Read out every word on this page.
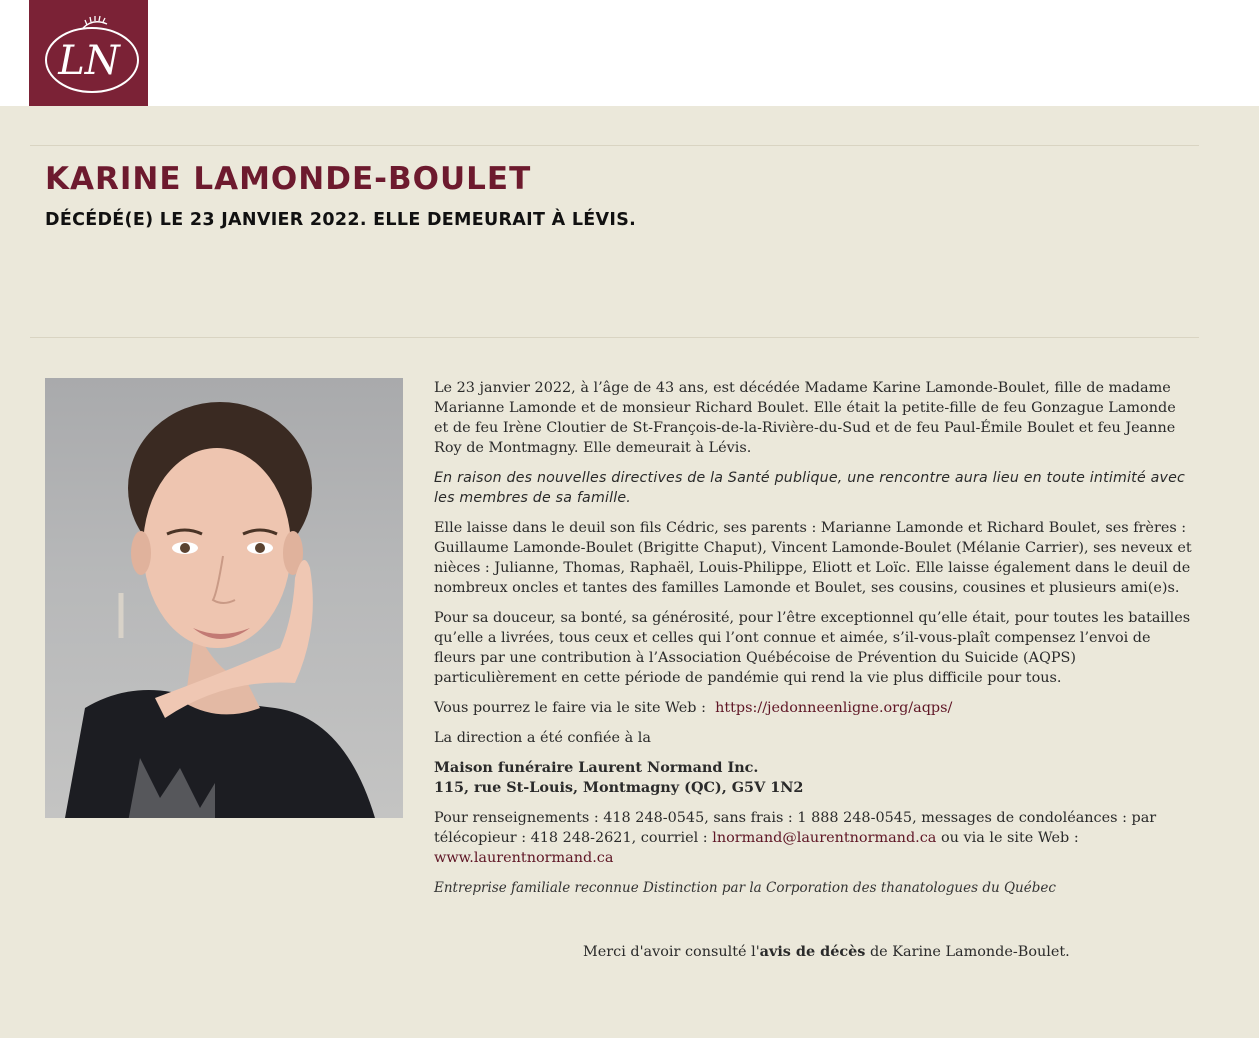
LN
KARINE LAMONDE-BOULET
DÉCÉDÉ(E) LE 23 JANVIER 2022. ELLE DEMEURAIT À LÉVIS.

Le 23 janvier 2022, à l’âge de 43 ans, est décédée Madame Karine Lamonde-Boulet, fille de madame Marianne Lamonde et de monsieur Richard Boulet. Elle était la petite-fille de feu Gonzague Lamonde et de feu Irène Cloutier de St-François-de-la-Rivière-du-Sud et de feu Paul-Émile Boulet et feu Jeanne Roy de Montmagny. Elle demeurait à Lévis.

En raison des nouvelles directives de la Santé publique, une rencontre aura lieu en toute intimité avec les membres de sa famille.

Elle laisse dans le deuil son fils Cédric, ses parents : Marianne Lamonde et Richard Boulet, ses frères : Guillaume Lamonde-Boulet (Brigitte Chaput), Vincent Lamonde-Boulet (Mélanie Carrier), ses neveux et nièces : Julianne, Thomas, Raphaël, Louis-Philippe, Eliott et Loïc. Elle laisse également dans le deuil de nombreux oncles et tantes des familles Lamonde et Boulet, ses cousins, cousines et plusieurs ami(e)s.

Pour sa douceur, sa bonté, sa générosité, pour l’être exceptionnel qu’elle était, pour toutes les batailles qu’elle a livrées, tous ceux et celles qui l’ont connue et aimée, s’il-vous-plaît compensez l’envoi de fleurs par une contribution à l’Association Québécoise de Prévention du Suicide (AQPS) particulièrement en cette période de pandémie qui rend la vie plus difficile pour tous.

Vous pourrez le faire via le site Web : https://jedonneenligne.org/aqps/

La direction a été confiée à la

Maison funéraire Laurent Normand Inc.
115, rue St-Louis, Montmagny (QC), G5V 1N2

Pour renseignements : 418 248-0545, sans frais : 1 888 248-0545, messages de condoléances : par télécopieur : 418 248-2621, courriel : lnormand@laurentnormand.ca ou via le site Web : www.laurentnormand.ca

Entreprise familiale reconnue Distinction par la Corporation des thanatologues du Québec

Merci d'avoir consulté l'avis de décès de Karine Lamonde-Boulet.
